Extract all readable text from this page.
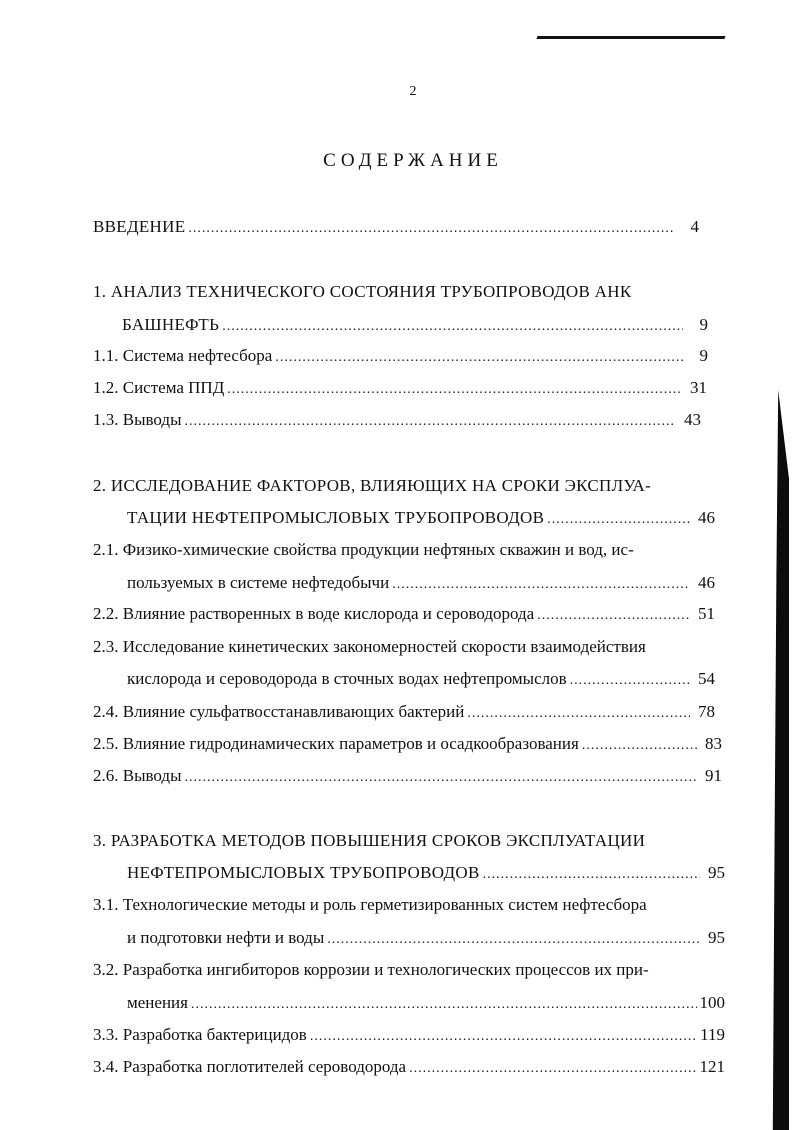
2
СОДЕРЖАНИЕ
ВВЕДЕНИЕ .....	4
1. АНАЛИЗ ТЕХНИЧЕСКОГО СОСТОЯНИЯ ТРУБОПРОВОДОВ АНК
БАШНЕФТЬ .....	9
1.1. Система нефтесбора .....	9
1.2. Система ППД .....	31
1.3. Выводы .....	43
2. ИССЛЕДОВАНИЕ ФАКТОРОВ, ВЛИЯЮЩИХ НА СРОКИ ЭКСПЛУА-
ТАЦИИ НЕФТЕПРОМЫСЛОВЫХ ТРУБОПРОВОДОВ .....	46
2.1. Физико-химические свойства продукции нефтяных скважин и вод, ис-
пользуемых в системе нефтедобычи .....	46
2.2. Влияние растворенных в воде кислорода и сероводорода .....	51
2.3. Исследование кинетических закономерностей скорости взаимодействия
кислорода и сероводорода в сточных водах нефтепромыслов .....	54
2.4. Влияние сульфатвосстанавливающих бактерий .....	78
2.5. Влияние гидродинамических параметров и осадкообразования .....	83
2.6. Выводы .....	91
3. РАЗРАБОТКА МЕТОДОВ ПОВЫШЕНИЯ СРОКОВ ЭКСПЛУАТАЦИИ
НЕФТЕПРОМЫСЛОВЫХ ТРУБОПРОВОДОВ .....	95
3.1. Технологические методы и роль герметизированных систем нефтесбора
и подготовки нефти и воды .....	95
3.2. Разработка ингибиторов коррозии и технологических процессов их при-
менения .....	100
3.3. Разработка бактерицидов .....	119
3.4. Разработка поглотителей сероводорода .....	121
